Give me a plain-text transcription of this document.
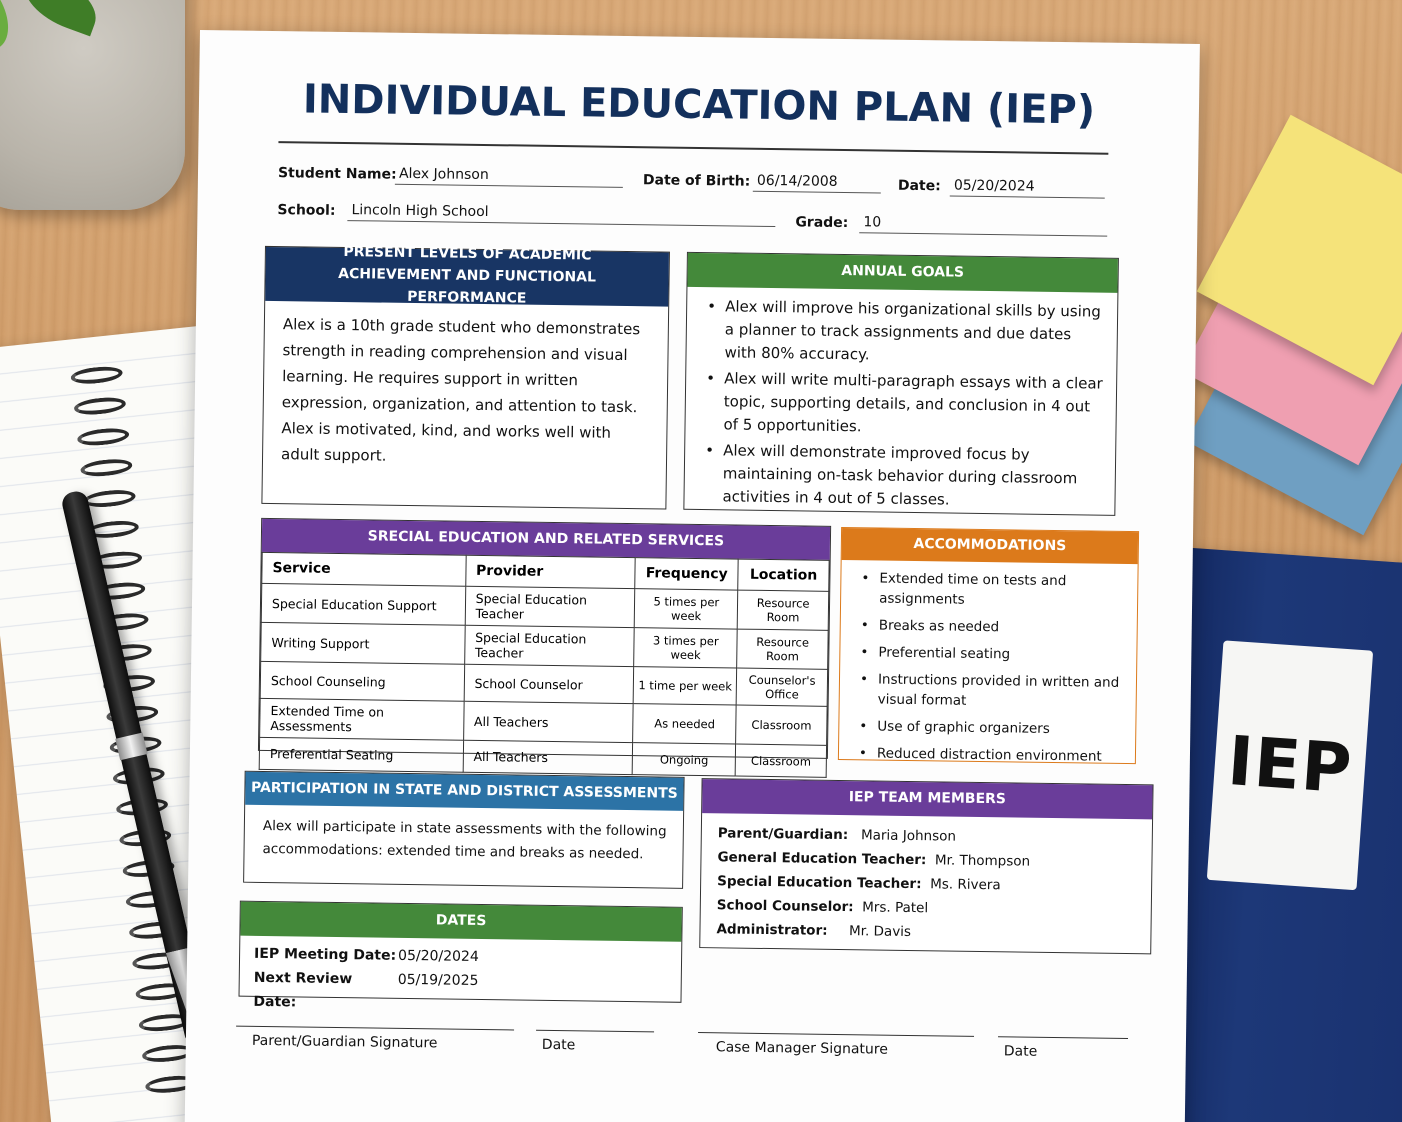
IEP
INDIVIDUAL EDUCATION PLAN (IEP)
Student Name: Alex Johnson	Date of Birth: 06/14/2008	Date: 05/20/2024
School: Lincoln High School
Grade: 10
PRESENT LEVELS OF ACADEMIC ACHIEVEMENT AND FUNCTIONAL PERFORMANCE
Alex is a 10th grade student who demonstrates strength in reading comprehension and visual learning. He requires support in written expression, organization, and attention to task. Alex is motivated, kind, and works well with adult support.
ANNUAL GOALS
• Alex will improve his organizational skills by using a planner to track assignments and due dates with 80% accuracy.
• Alex will write multi-paragraph essays with a clear topic, supporting details, and conclusion in 4 out of 5 opportunities.
• Alex will demonstrate improved focus by maintaining on-task behavior during classroom activities in 4 out of 5 classes.
SRECIAL EDUCATION AND RELATED SERVICES
Service	Provider	Frequency	Location
Special Education Support	Special Education Teacher	5 times per week	Resource Room
Writing Support	Special Education Teacher	3 times per week	Resource Room
School Counseling	School Counselor	1 time per week	Counselor's Office
Extended Time on Assessments	All Teachers	As needed	Classroom
Preferential Seating	All Teachers	Ongoing	Classroom
ACCOMMODATIONS
• Extended time on tests and assignments
• Breaks as needed
• Preferential seating
• Instructions provided in written and visual format
• Use of graphic organizers
• Reduced distraction environment
PARTICIPATION IN STATE AND DISTRICT ASSESSMENTS
Alex will participate in state assessments with the following accommodations: extended time and breaks as needed.
IEP TEAM MEMBERS
Parent/Guardian: Maria Johnson
General Education Teacher: Mr. Thompson
Special Education Teacher: Ms. Rivera
School Counselor: Mrs. Patel
Administrator: Mr. Davis
DATES
IEP Meeting Date: 05/20/2024
Next Review Date:
05/19/2025
Parent/Guardian Signature	Date	Case Manager Signature	Date
